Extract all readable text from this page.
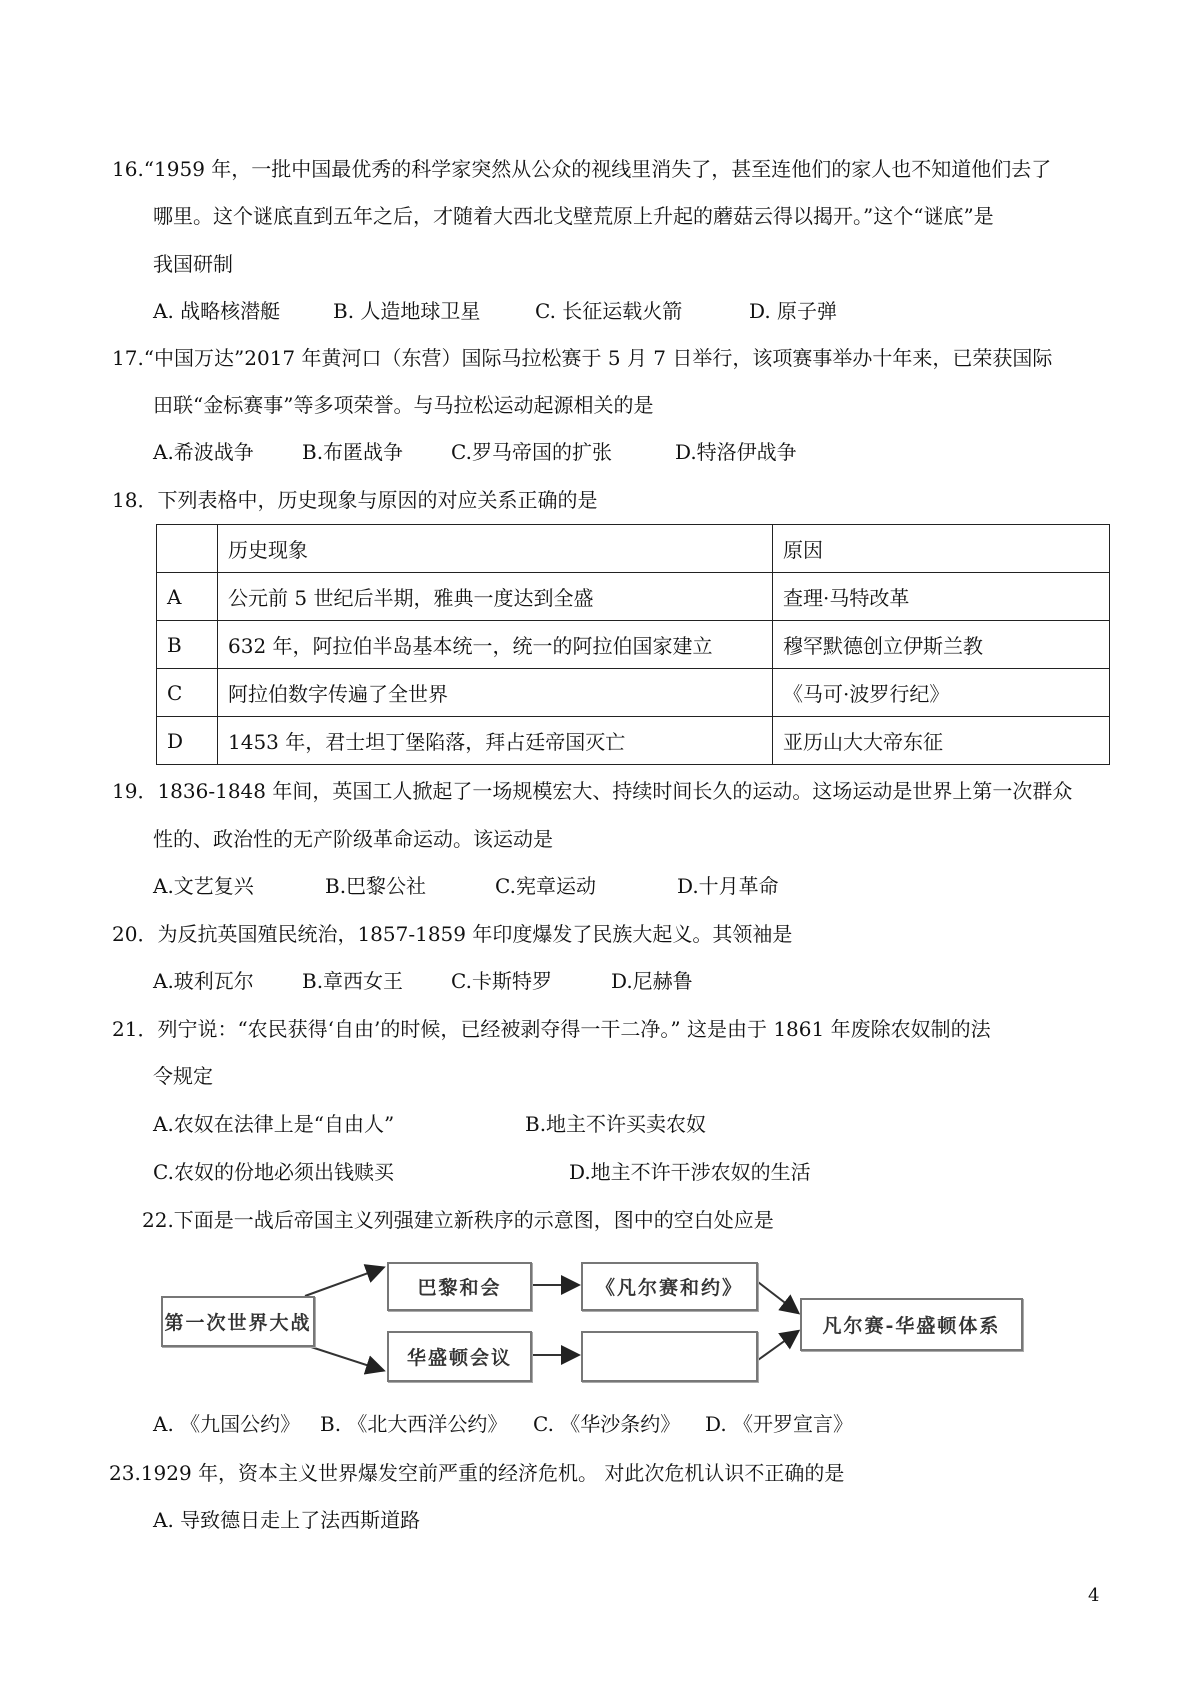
16.“1959 年，一批中国最优秀的科学家突然从公众的视线里消失了，甚至连他们的家人也不知道他们去了
哪里。这个谜底直到五年之后，才随着大西北戈壁荒原上升起的蘑菇云得以揭开。”这个“谜底”是
我国研制
A. 战略核潜艇	B. 人造地球卫星	C. 长征运载火箭	D. 原子弹
17.“中国万达”2017 年黄河口（东营）国际马拉松赛于 5 月 7 日举行，该项赛事举办十年来，已荣获国际
田联“金标赛事”等多项荣誉。与马拉松运动起源相关的是
A.希波战争 B.布匿战争 C.罗马帝国的扩张	D.特洛伊战争
18．下列表格中，历史现象与原因的对应关系正确的是
	历史现象	原因
A	公元前 5 世纪后半期，雅典一度达到全盛	查理·马特改革
B	632 年，阿拉伯半岛基本统一，统一的阿拉伯国家建立	穆罕默德创立伊斯兰教
C	阿拉伯数字传遍了全世界	《马可·波罗行纪》
D	1453 年，君士坦丁堡陷落，拜占廷帝国灭亡	亚历山大大帝东征
19．1836-1848 年间，英国工人掀起了一场规模宏大、持续时间长久的运动。这场运动是世界上第一次群众
性的、政治性的无产阶级革命运动。该运动是
A.文艺复兴	B.巴黎公社	C.宪章运动	D.十月革命
20．为反抗英国殖民统治，1857-1859 年印度爆发了民族大起义。其领袖是
A.玻利瓦尔 B.章西女王 C.卡斯特罗	D.尼赫鲁
21．列宁说：“农民获得‘自由’的时候，已经被剥夺得一干二净。” 这是由于 1861 年废除农奴制的法
令规定
A.农奴在法律上是“自由人”	B.地主不许买卖农奴
C.农奴的份地必须出钱赎买	D.地主不许干涉农奴的生活
22.下面是一战后帝国主义列强建立新秩序的示意图，图中的空白处应是
第一次世界大战
巴黎和会
华盛顿会议
《凡尔赛和约》
凡尔赛-华盛顿体系
A. 《九国公约》 B. 《北大西洋公约》 C. 《华沙条约》 D. 《开罗宣言》
23.1929 年，资本主义世界爆发空前严重的经济危机。 对此次危机认识不正确的是
A. 导致德日走上了法西斯道路
4
